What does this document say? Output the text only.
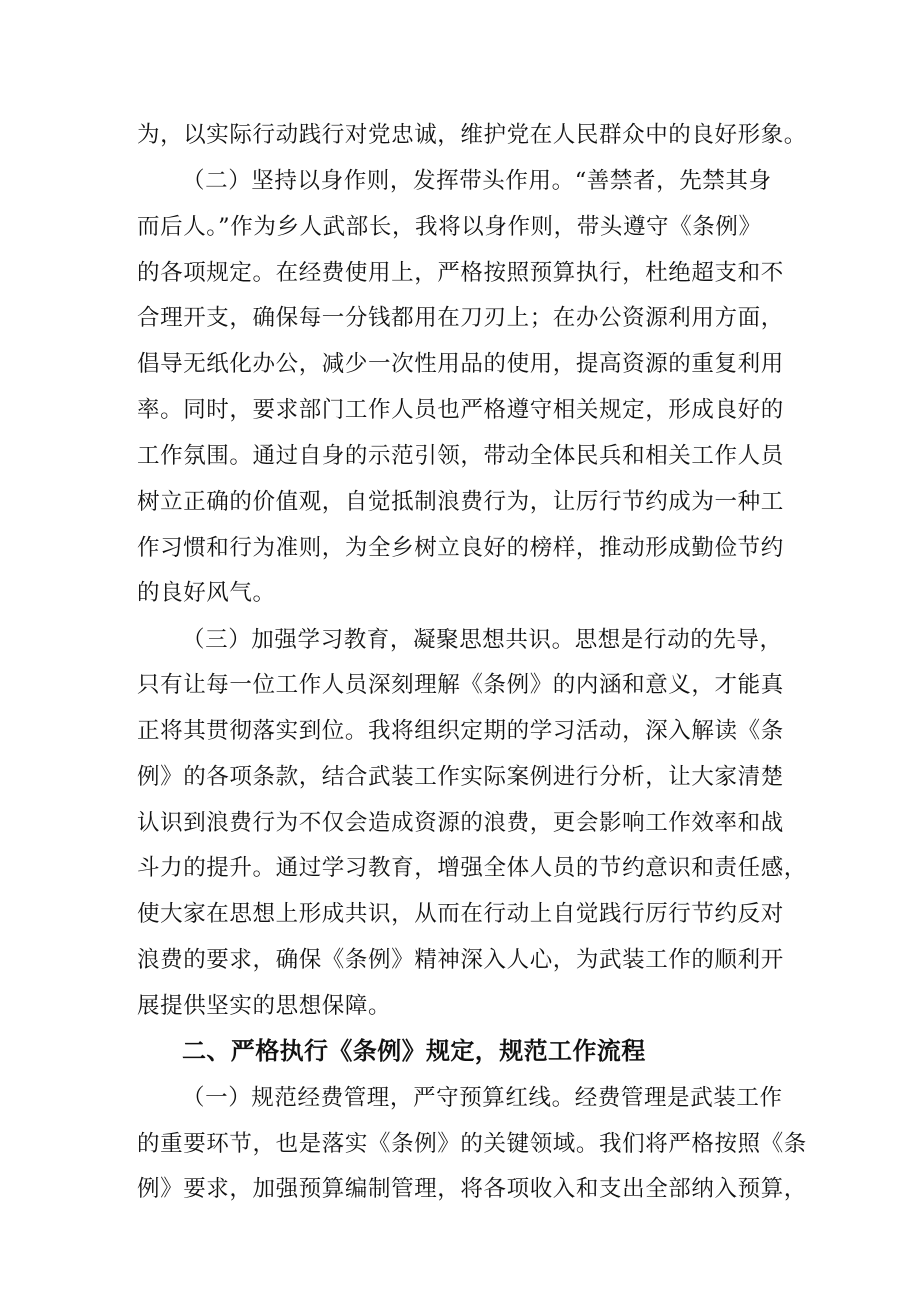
为，以实际行动践行对党忠诚，维护党在人民群众中的良好形象。
（二）坚持以身作则，发挥带头作用。“善禁者，先禁其身
而后人。”作为乡人武部长，我将以身作则，带头遵守《条例》
的各项规定。在经费使用上，严格按照预算执行，杜绝超支和不
合理开支，确保每一分钱都用在刀刃上；在办公资源利用方面，
倡导无纸化办公，减少一次性用品的使用，提高资源的重复利用
率。同时，要求部门工作人员也严格遵守相关规定，形成良好的
工作氛围。通过自身的示范引领，带动全体民兵和相关工作人员
树立正确的价值观，自觉抵制浪费行为，让厉行节约成为一种工
作习惯和行为准则，为全乡树立良好的榜样，推动形成勤俭节约
的良好风气。
（三）加强学习教育，凝聚思想共识。思想是行动的先导，
只有让每一位工作人员深刻理解《条例》的内涵和意义，才能真
正将其贯彻落实到位。我将组织定期的学习活动，深入解读《条
例》的各项条款，结合武装工作实际案例进行分析，让大家清楚
认识到浪费行为不仅会造成资源的浪费，更会影响工作效率和战
斗力的提升。通过学习教育，增强全体人员的节约意识和责任感，
使大家在思想上形成共识，从而在行动上自觉践行厉行节约反对
浪费的要求，确保《条例》精神深入人心，为武装工作的顺利开
展提供坚实的思想保障。
二、严格执行《条例》规定，规范工作流程
（一）规范经费管理，严守预算红线。经费管理是武装工作
的重要环节，也是落实《条例》的关键领域。我们将严格按照《条
例》要求，加强预算编制管理，将各项收入和支出全部纳入预算，
